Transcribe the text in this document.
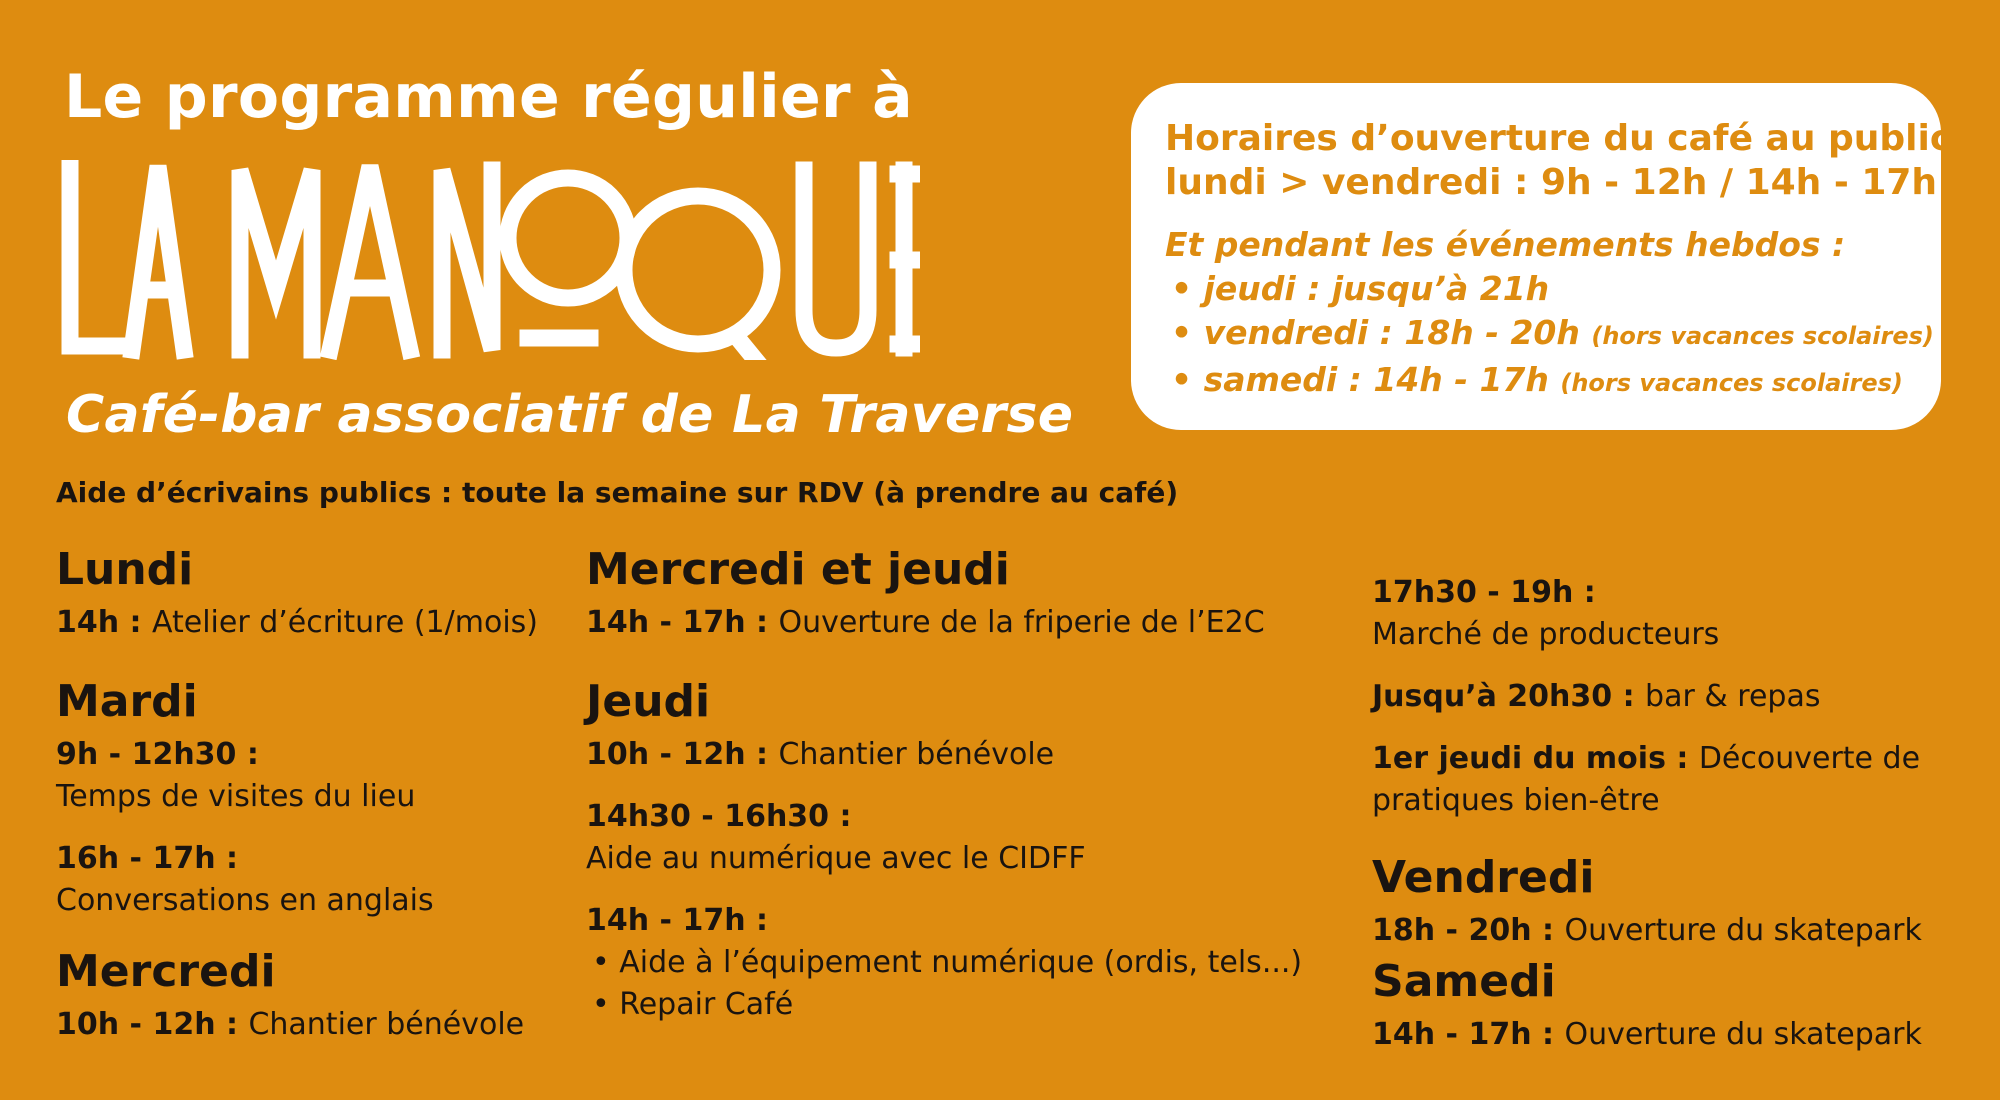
Le programme régulier à
Café-bar associatif de La Traverse
Horaires d’ouverture du café au public :
lundi > vendredi : 9h - 12h / 14h - 17h
Et pendant les événements hebdos :
• jeudi : jusqu’à 21h
• vendredi : 18h - 20h (hors vacances scolaires)
• samedi : 14h - 17h (hors vacances scolaires)
Aide d’écrivains publics : toute la semaine sur RDV (à prendre au café)
Lundi
14h : Atelier d’écriture (1/mois)
Mardi
9h - 12h30 :
Temps de visites du lieu
16h - 17h :
Conversations en anglais
Mercredi
10h - 12h : Chantier bénévole
Mercredi et jeudi
14h - 17h : Ouverture de la friperie de l’E2C
Jeudi
10h - 12h : Chantier bénévole
14h30 - 16h30 :
Aide au numérique avec le CIDFF
14h - 17h :
• Aide à l’équipement numérique (ordis, tels...)
• Repair Café
17h30 - 19h :
Marché de producteurs
Jusqu’à 20h30 : bar & repas
1er jeudi du mois : Découverte de
pratiques bien-être
Vendredi
18h - 20h : Ouverture du skatepark
Samedi
14h - 17h : Ouverture du skatepark
